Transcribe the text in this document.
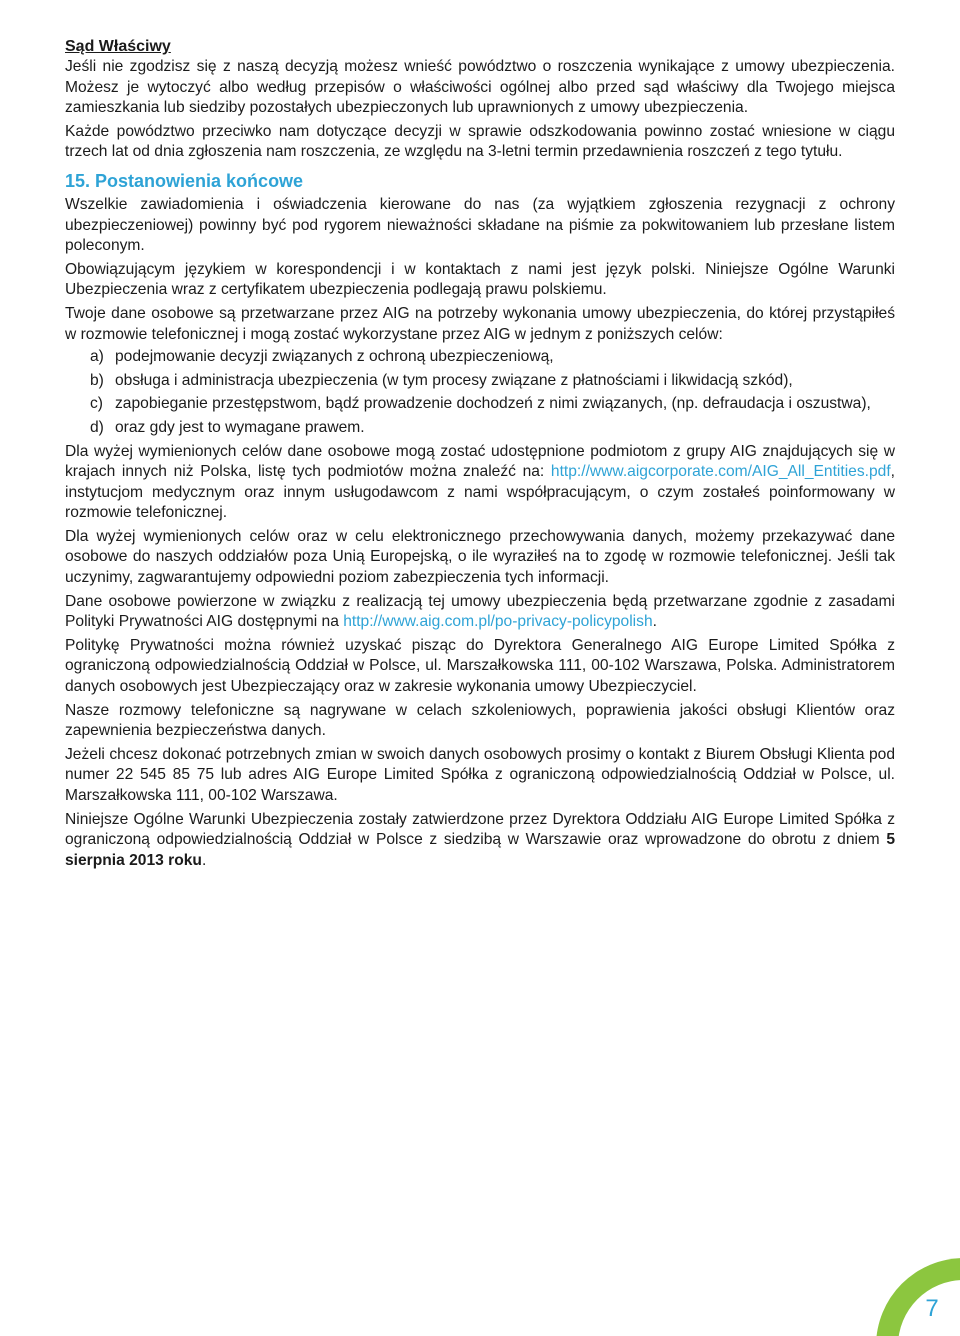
Sąd Właściwy

Jeśli nie zgodzisz się z naszą decyzją możesz wnieść powództwo o roszczenia wynikające z umowy ubezpieczenia. Możesz je wytoczyć albo według przepisów o właściwości ogólnej albo przed sąd właściwy dla Twojego miejsca zamieszkania lub siedziby pozostałych ubezpieczonych lub uprawnionych z umowy ubezpieczenia.

Każde powództwo przeciwko nam dotyczące decyzji w sprawie odszkodowania powinno zostać wniesione w ciągu trzech lat od dnia zgłoszenia nam roszczenia, ze względu na 3-letni termin przedawnienia roszczeń z tego tytułu.

15. Postanowienia końcowe

Wszelkie zawiadomienia i oświadczenia kierowane do nas (za wyjątkiem zgłoszenia rezygnacji z ochrony ubezpieczeniowej) powinny być pod rygorem nieważności składane na piśmie za pokwitowaniem lub przesłane listem poleconym.

Obowiązującym językiem w korespondencji i w kontaktach z nami jest język polski. Niniejsze Ogólne Warunki Ubezpieczenia wraz z certyfikatem ubezpieczenia podlegają prawu polskiemu.

Twoje dane osobowe są przetwarzane przez AIG na potrzeby wykonania umowy ubezpieczenia, do której przystąpiłeś w rozmowie telefonicznej i mogą zostać wykorzystane przez AIG w jednym z poniższych celów:

a) podejmowanie decyzji związanych z ochroną ubezpieczeniową,
b) obsługa i administracja ubezpieczenia (w tym procesy związane z płatnościami i likwidacją szkód),
c) zapobieganie przestępstwom, bądź prowadzenie dochodzeń z nimi związanych, (np. defraudacja i oszustwa),
d) oraz gdy jest to wymagane prawem.

Dla wyżej wymienionych celów dane osobowe mogą zostać udostępnione podmiotom z grupy AIG znajdujących się w krajach innych niż Polska, listę tych podmiotów można znaleźć na: http://www.aigcorporate.com/AIG_All_Entities.pdf, instytucjom medycznym oraz innym usługodawcom z nami współpracującym, o czym zostałeś poinformowany w rozmowie telefonicznej.

Dla wyżej wymienionych celów oraz w celu elektronicznego przechowywania danych, możemy przekazywać dane osobowe do naszych oddziałów poza Unią Europejską, o ile wyraziłeś na to zgodę w rozmowie telefonicznej. Jeśli tak uczynimy, zagwarantujemy odpowiedni poziom zabezpieczenia tych informacji.

Dane osobowe powierzone w związku z realizacją tej umowy ubezpieczenia będą przetwarzane zgodnie z zasadami Polityki Prywatności AIG dostępnymi na http://www.aig.com.pl/po-privacy-policypolish.

Politykę Prywatności można również uzyskać pisząc do Dyrektora Generalnego AIG Europe Limited Spółka z ograniczoną odpowiedzialnością Oddział w Polsce, ul. Marszałkowska 111, 00-102 Warszawa, Polska. Administratorem danych osobowych jest Ubezpieczający oraz w zakresie wykonania umowy Ubezpieczyciel.

Nasze rozmowy telefoniczne są nagrywane w celach szkoleniowych, poprawienia jakości obsługi Klientów oraz zapewnienia bezpieczeństwa danych.

Jeżeli chcesz dokonać potrzebnych zmian w swoich danych osobowych prosimy o kontakt z Biurem Obsługi Klienta pod numer 22 545 85 75 lub adres AIG Europe Limited Spółka z ograniczoną odpowiedzialnością Oddział w Polsce, ul. Marszałkowska 111, 00-102 Warszawa.

Niniejsze Ogólne Warunki Ubezpieczenia zostały zatwierdzone przez Dyrektora Oddziału AIG Europe Limited Spółka z ograniczoną odpowiedzialnością Oddział w Polsce z siedzibą w Warszawie oraz wprowadzone do obrotu z dniem 5 sierpnia 2013 roku.

7
